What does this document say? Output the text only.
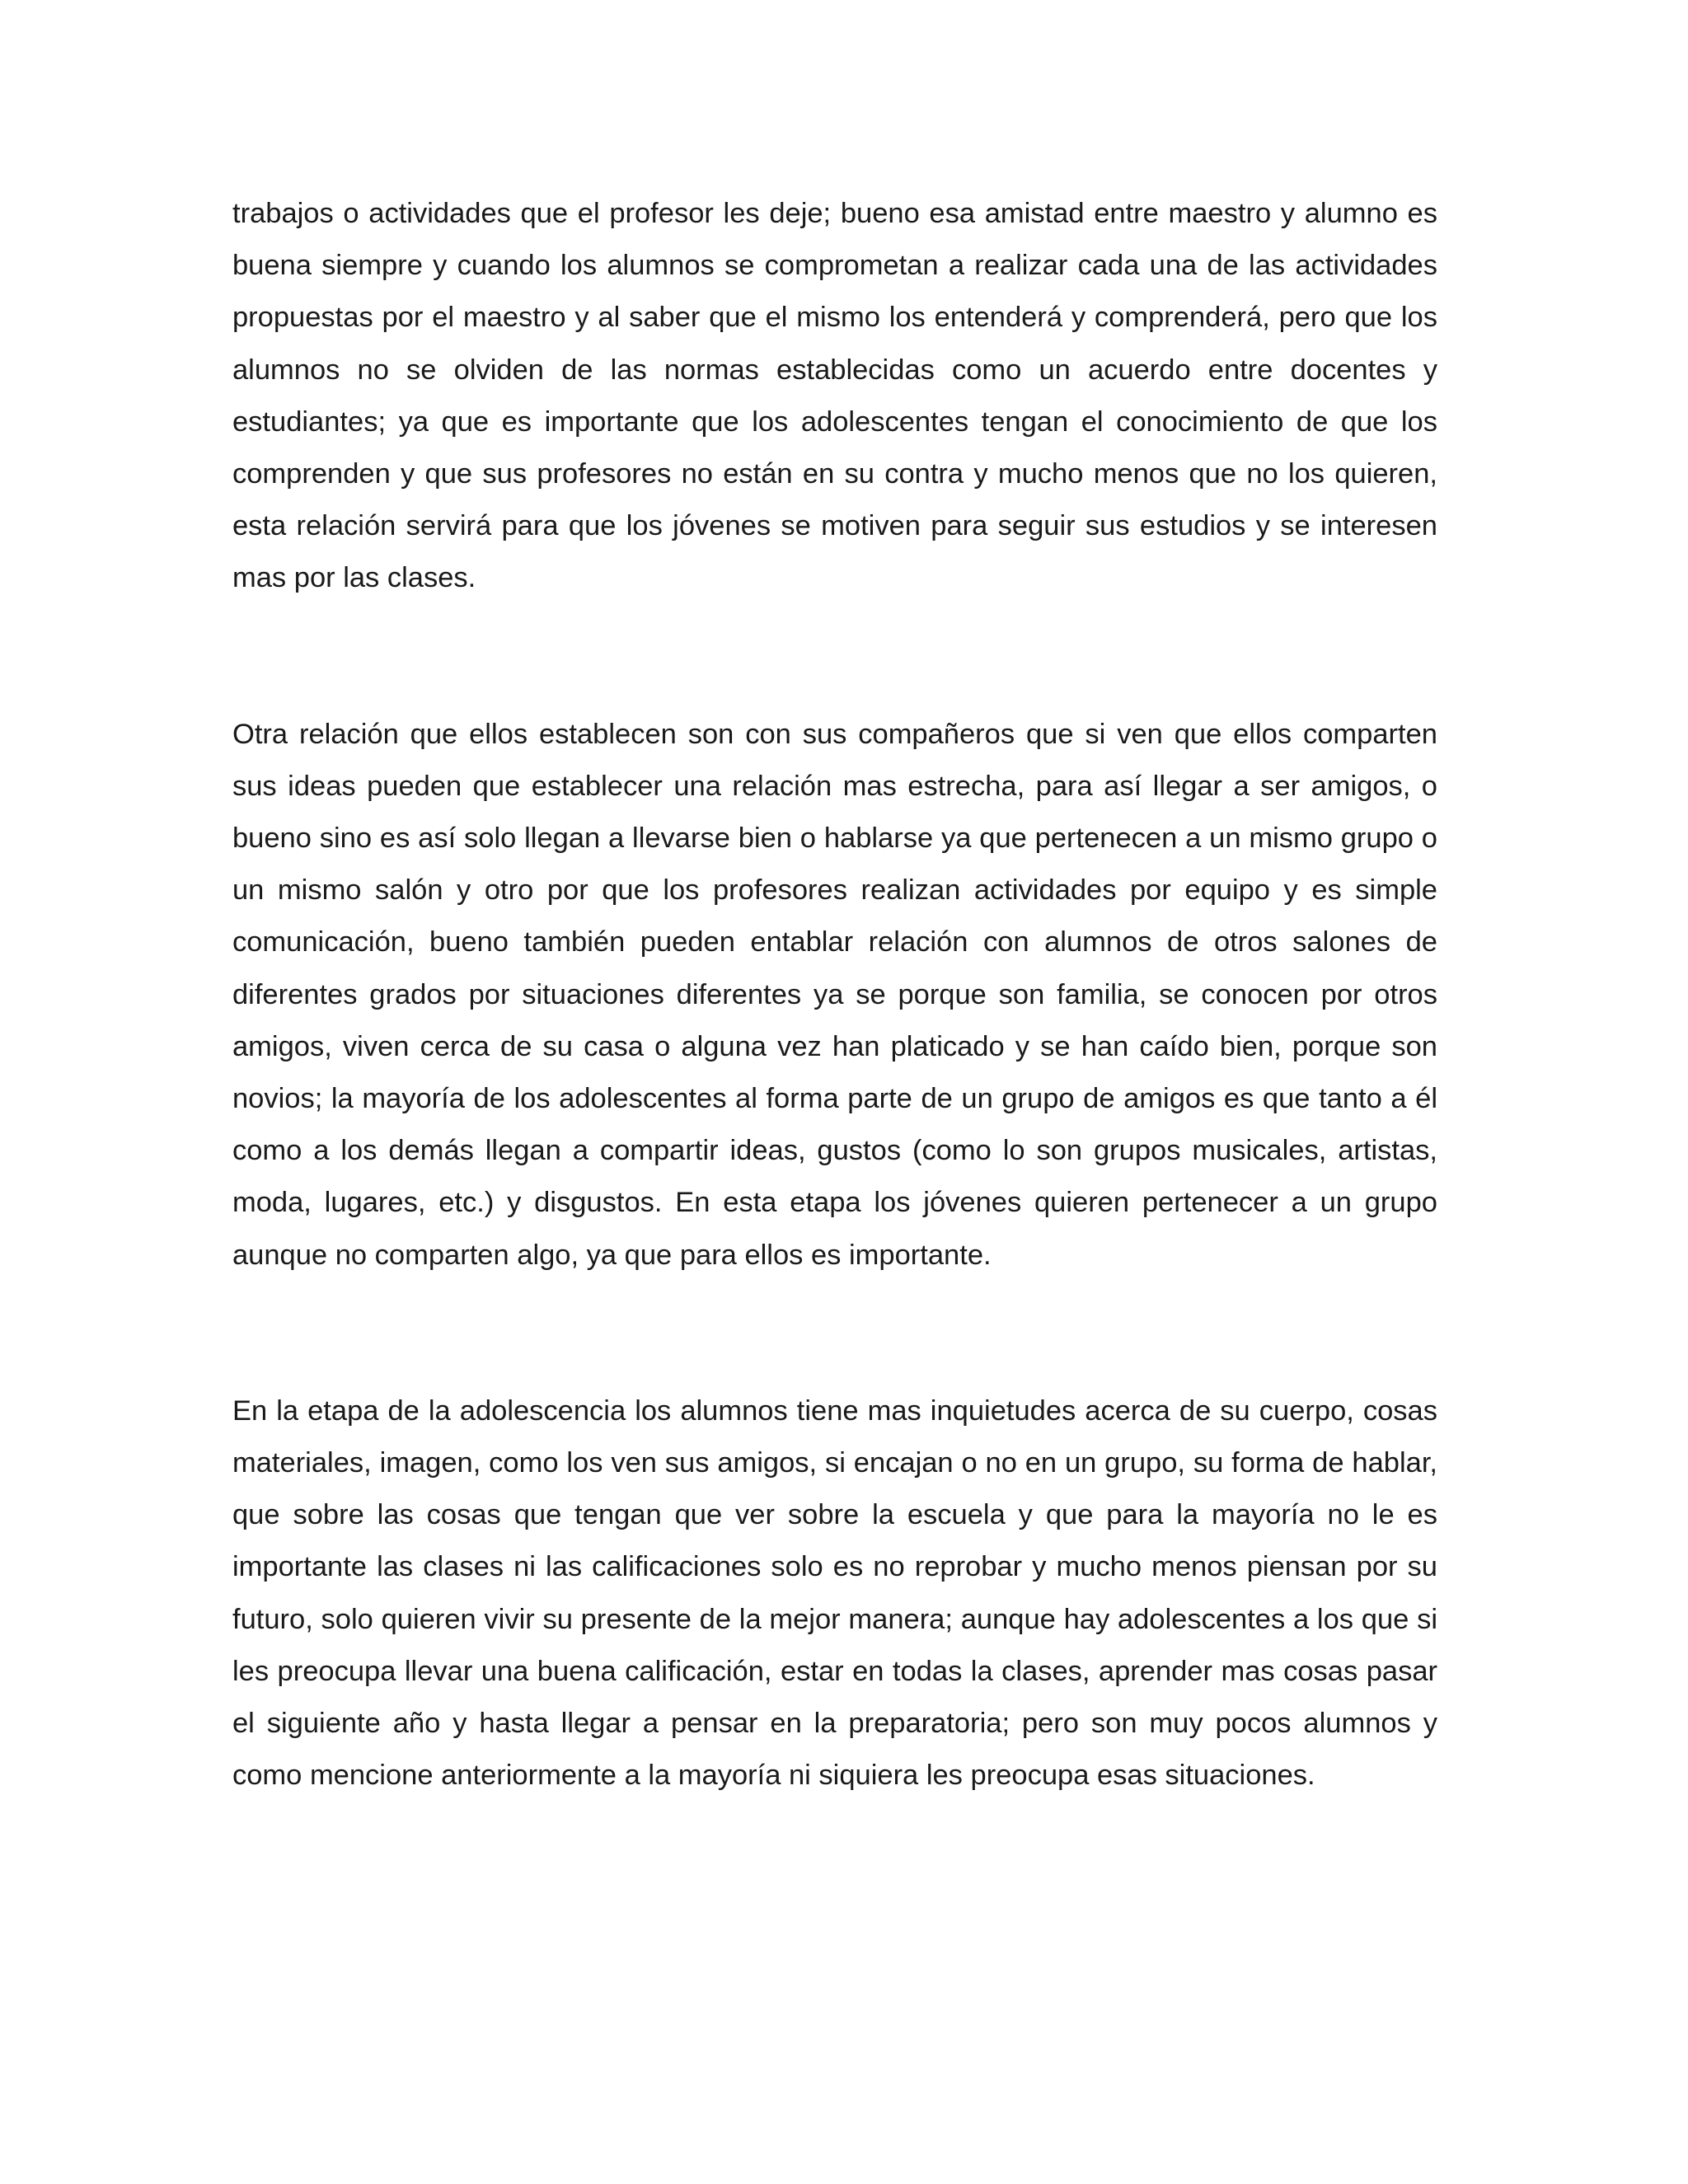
trabajos o actividades que el profesor les deje; bueno esa amistad entre maestro y alumno es buena siempre y cuando los alumnos se comprometan a realizar cada una de las actividades propuestas por el maestro y al saber que el mismo los entenderá y comprenderá, pero que los alumnos no se olviden de las normas establecidas como un acuerdo entre docentes y estudiantes; ya que es importante que los adolescentes tengan el conocimiento de que los comprenden y que sus profesores no están en su contra y mucho menos que no los quieren, esta relación servirá para que los jóvenes se motiven para seguir sus estudios y se interesen mas por las clases.

Otra relación que ellos establecen son con sus compañeros que si ven que ellos comparten sus ideas pueden que establecer una relación mas estrecha, para así llegar a ser amigos, o bueno sino es así solo llegan a llevarse bien o hablarse ya que pertenecen a un mismo grupo o un mismo salón y otro por que los profesores realizan actividades por equipo y es simple comunicación, bueno también pueden entablar relación con alumnos de otros salones de diferentes grados por situaciones diferentes ya se porque son familia, se conocen por otros amigos, viven cerca de su casa o alguna vez han platicado y se han caído bien, porque son novios; la mayoría de los adolescentes al forma parte de un grupo de amigos es que tanto a él como a los demás llegan a compartir ideas, gustos (como lo son grupos musicales, artistas, moda, lugares, etc.) y disgustos. En esta etapa los jóvenes quieren pertenecer a un grupo aunque no comparten algo, ya que para ellos es importante.

En la etapa de la adolescencia los alumnos tiene mas inquietudes acerca de su cuerpo, cosas materiales, imagen, como los ven sus amigos, si encajan o no en un grupo, su forma de hablar, que sobre las cosas que tengan que ver sobre la escuela y que para la mayoría no le es importante las clases ni las calificaciones solo es no reprobar y mucho menos piensan por su futuro, solo quieren vivir su presente de la mejor manera; aunque hay adolescentes a los que si les preocupa llevar una buena calificación, estar en todas la clases, aprender mas cosas pasar el siguiente año y hasta llegar a pensar en la preparatoria; pero son muy pocos alumnos y como mencione anteriormente a la mayoría ni siquiera les preocupa esas situaciones.
